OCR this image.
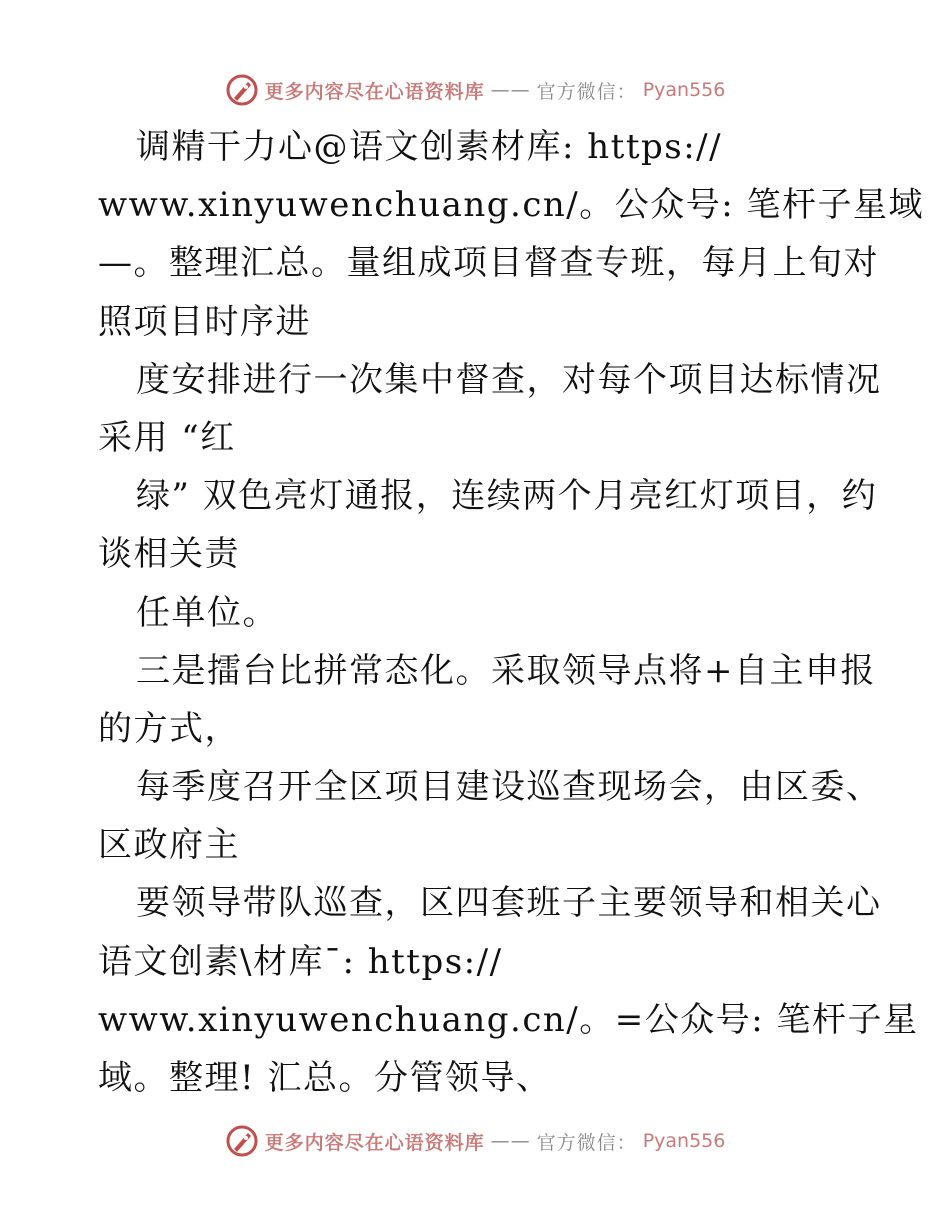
更多内容尽在心语资料库 —— 官方微信： Pyan556
调精干力心@语文创素材库: https://
www.xinyuwenchuang.cn/。公众号: 笔杆子星域
—。整理汇总。量组成项目督查专班，每月上旬对
照项目时序进
度安排进行一次集中督查，对每个项目达标情况
采用 “红
绿” 双色亮灯通报，连续两个月亮红灯项目，约
谈相关责
任单位。
三是擂台比拼常态化。采取领导点将+自主申报
的方式，
每季度召开全区项目建设巡查现场会，由区委、
区政府主
要领导带队巡查，区四套班子主要领导和相关心
语文创素\材库¯: https://
www.xinyuwenchuang.cn/。=公众号: 笔杆子星
域。整理! 汇总。分管领导、
更多内容尽在心语资料库 —— 官方微信： Pyan556
